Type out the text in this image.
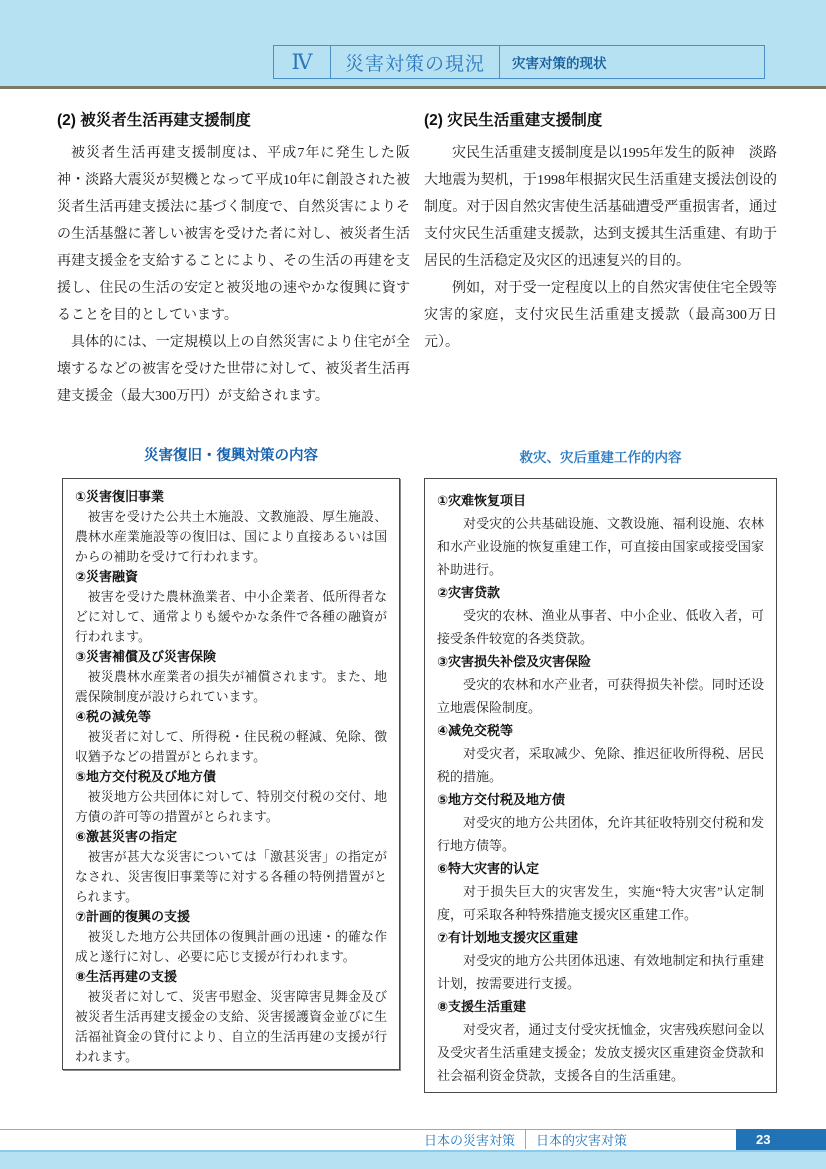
Ⅳ	災害対策の現況	灾害对策的现状
(2) 被災者生活再建支援制度

被災者生活再建支援制度は、平成7年に発生した阪神・淡路大震災が契機となって平成10年に創設された被災者生活再建支援法に基づく制度で、自然災害によりその生活基盤に著しい被害を受けた者に対し、被災者生活再建支援金を支給することにより、その生活の再建を支援し、住民の生活の安定と被災地の速やかな復興に資することを目的としています。

具体的には、一定規模以上の自然災害により住宅が全壊するなどの被害を受けた世帯に対して、被災者生活再建支援金（最大300万円）が支給されます。

(2) 灾民生活重建支援制度

灾民生活重建支援制度是以1995年发生的阪神　淡路大地震为契机，于1998年根据灾民生活重建支援法创设的制度。对于因自然灾害使生活基础遭受严重损害者，通过支付灾民生活重建支援款，达到支援其生活重建、有助于居民的生活稳定及灾区的迅速复兴的目的。

例如，对于受一定程度以上的自然灾害使住宅全毁等灾害的家庭，支付灾民生活重建支援款（最高300万日元）。

災害復旧・復興対策の内容	救灾、灾后重建工作的内容
①災害復旧事業
被害を受けた公共土木施設、文教施設、厚生施設、農林水産業施設等の復旧は、国により直接あるいは国からの補助を受けて行われます。
②災害融資
被害を受けた農林漁業者、中小企業者、低所得者などに対して、通常よりも緩やかな条件で各種の融資が行われます。
③災害補償及び災害保険
被災農林水産業者の損失が補償されます。また、地震保険制度が設けられています。
④税の減免等
被災者に対して、所得税・住民税の軽減、免除、徴収猶予などの措置がとられます。
⑤地方交付税及び地方債
被災地方公共団体に対して、特別交付税の交付、地方債の許可等の措置がとられます。
⑥激甚災害の指定
被害が甚大な災害については「激甚災害」の指定がなされ、災害復旧事業等に対する各種の特例措置がとられます。
⑦計画的復興の支援
被災した地方公共団体の復興計画の迅速・的確な作成と遂行に対し、必要に応じ支援が行われます。
⑧生活再建の支援
被災者に対して、災害弔慰金、災害障害見舞金及び被災者生活再建支援金の支給、災害援護資金並びに生活福祉資金の貸付により、自立的生活再建の支援が行われます。
①灾难恢复项目
对受灾的公共基础设施、文教设施、福利设施、农林和水产业设施的恢复重建工作，可直接由国家或接受国家补助进行。
②灾害贷款
受灾的农林、渔业从事者、中小企业、低收入者，可接受条件较宽的各类贷款。
③灾害损失补偿及灾害保险
受灾的农林和水产业者，可获得损失补偿。同时还设立地震保险制度。
④减免交税等
对受灾者，采取减少、免除、推迟征收所得税、居民税的措施。
⑤地方交付税及地方债
对受灾的地方公共团体，允许其征收特别交付税和发行地方债等。
⑥特大灾害的认定
对于损失巨大的灾害发生，实施“特大灾害”认定制度，可采取各种特殊措施支援灾区重建工作。
⑦有计划地支援灾区重建
对受灾的地方公共团体迅速、有效地制定和执行重建计划，按需要进行支援。
⑧支援生活重建
对受灾者，通过支付受灾抚恤金，灾害残疾慰问金以及受灾者生活重建支援金；发放支援灾区重建资金贷款和社会福利资金贷款，支援各自的生活重建。
日本の災害対策	日本的灾害对策	23
